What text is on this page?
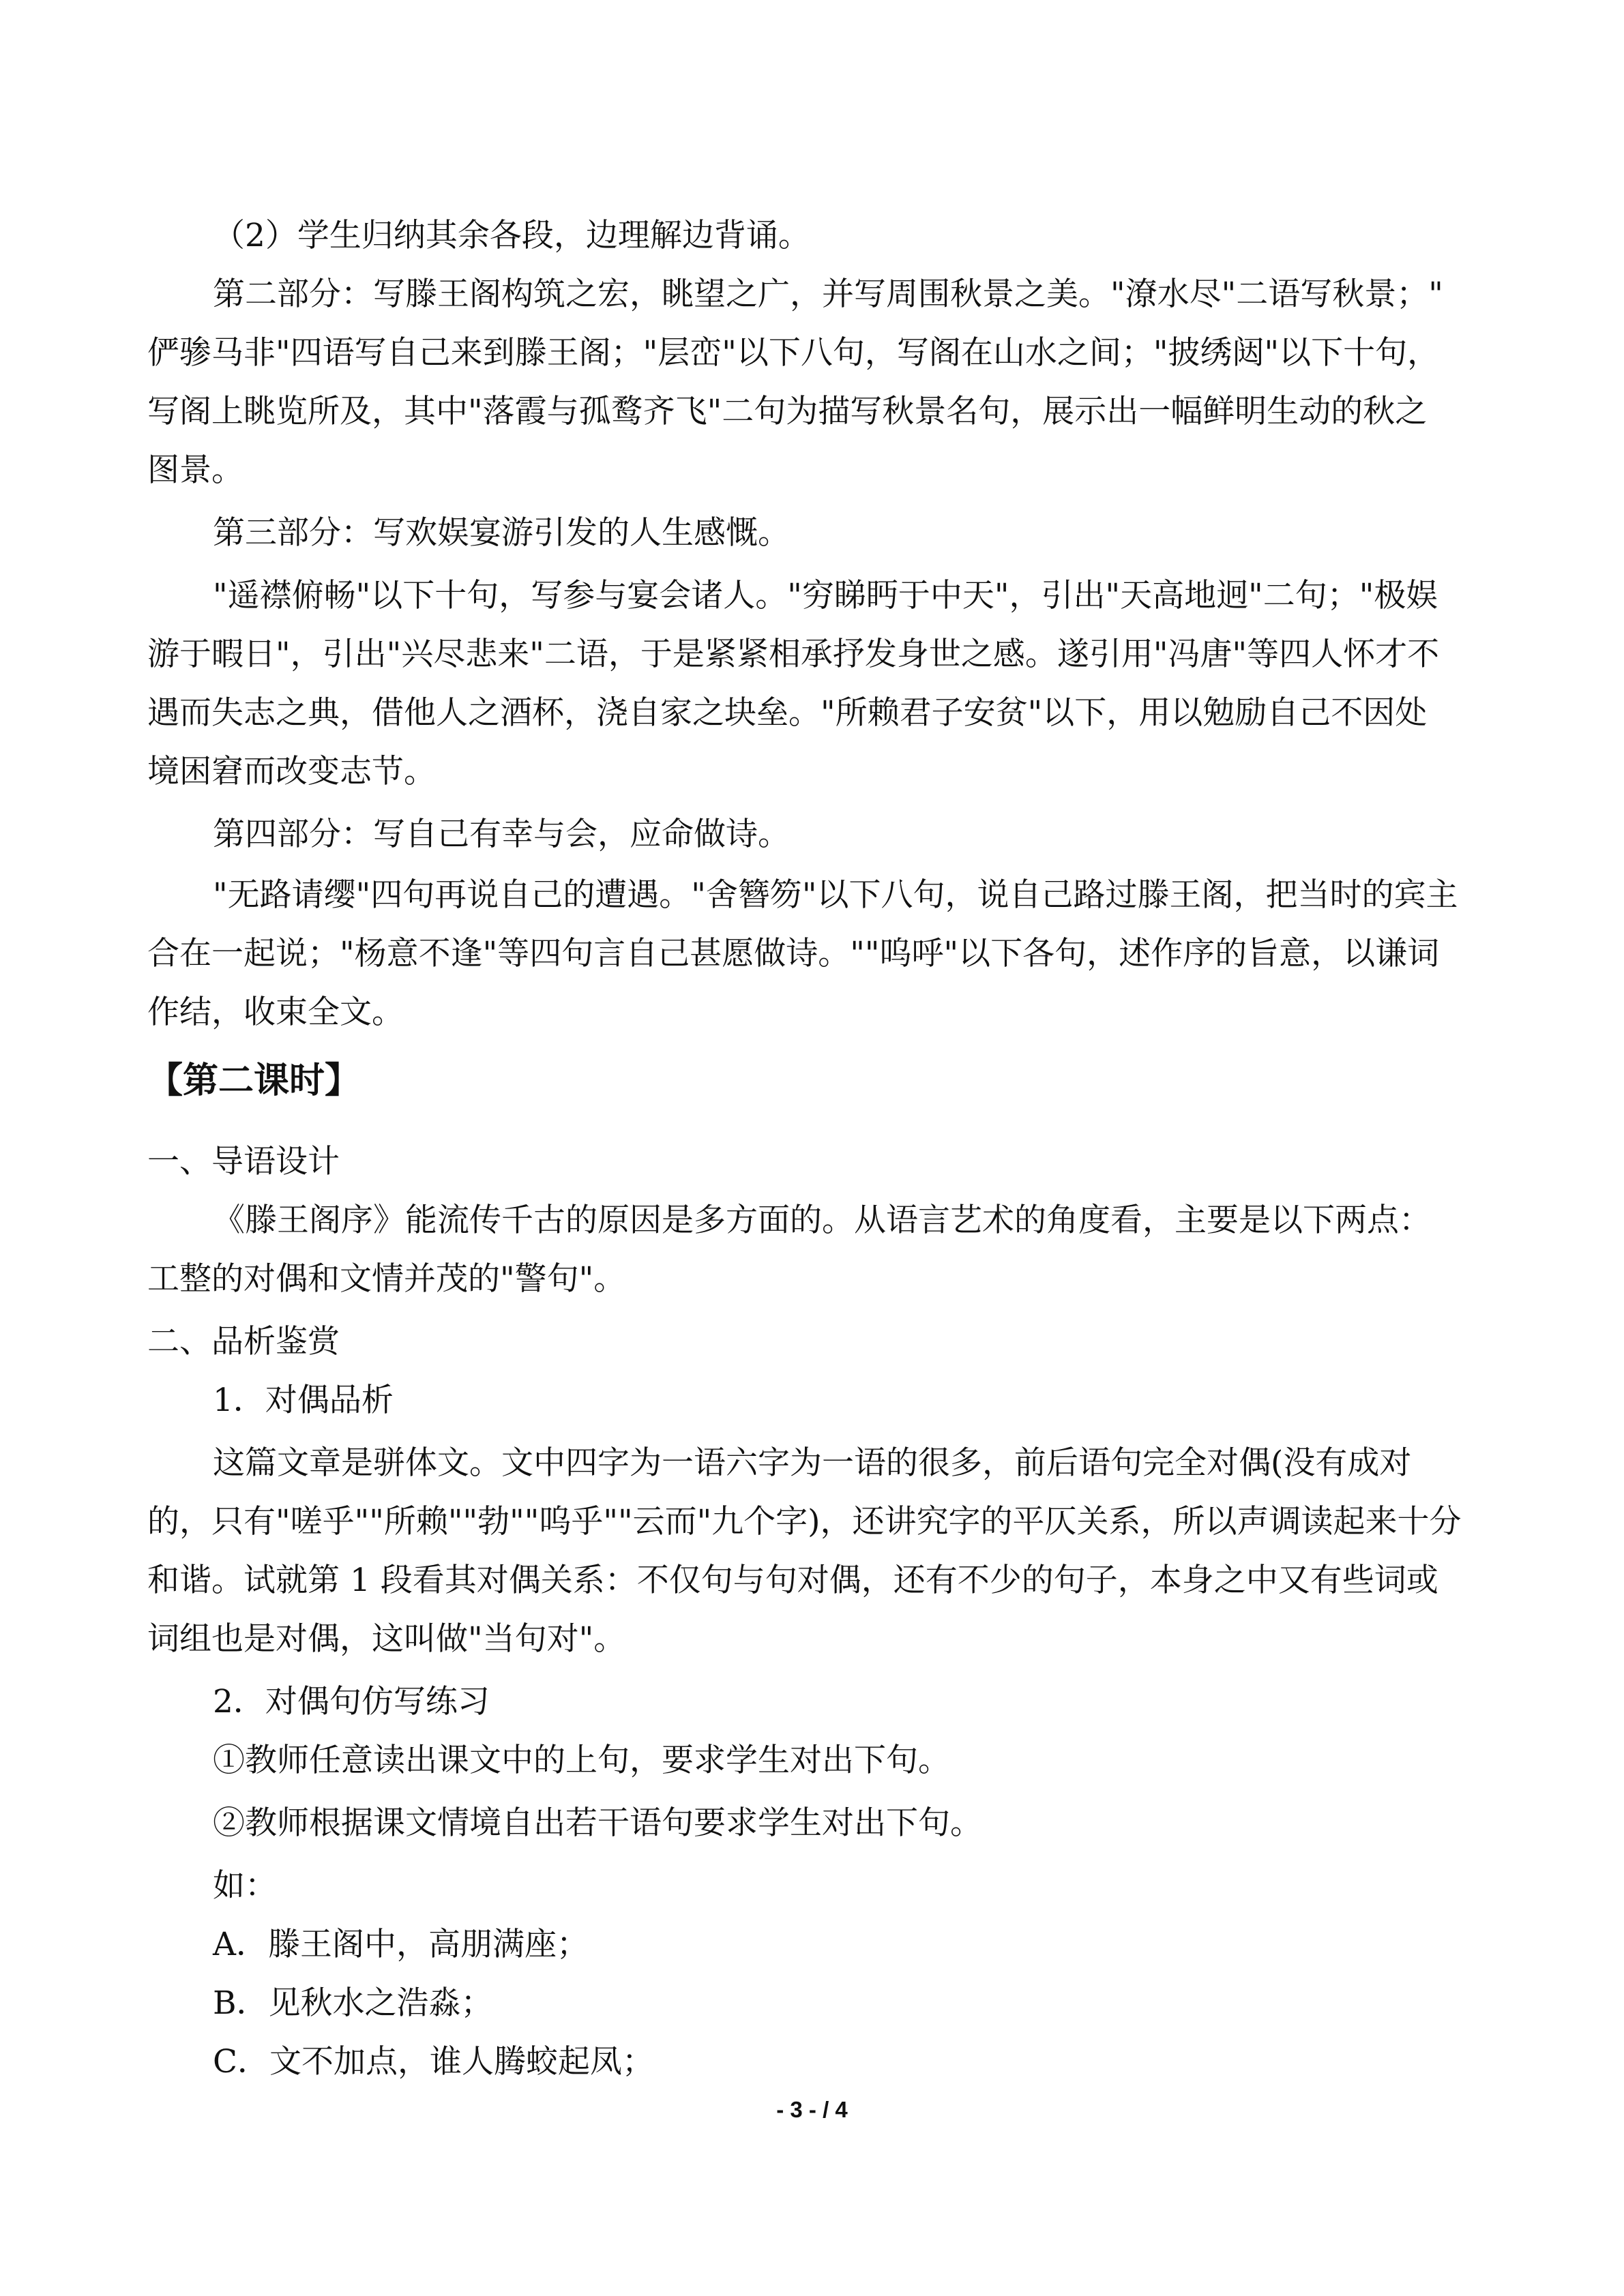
（2）学生归纳其余各段，边理解边背诵。
第二部分：写滕王阁构筑之宏，眺望之广，并写周围秋景之美。"潦水尽"二语写秋景；"
俨骖马非"四语写自己来到滕王阁；"层峦"以下八句，写阁在山水之间；"披绣闼"以下十句，
写阁上眺览所及，其中"落霞与孤鹜齐飞"二句为描写秋景名句，展示出一幅鲜明生动的秋之
图景。
第三部分：写欢娱宴游引发的人生感慨。
"遥襟俯畅"以下十句，写参与宴会诸人。"穷睇眄于中天"，引出"天高地迥"二句；"极娱
游于暇日"，引出"兴尽悲来"二语，于是紧紧相承抒发身世之感。遂引用"冯唐"等四人怀才不
遇而失志之典，借他人之酒杯，浇自家之块垒。"所赖君子安贫"以下，用以勉励自己不因处
境困窘而改变志节。
第四部分：写自己有幸与会，应命做诗。
"无路请缨"四句再说自己的遭遇。"舍簪笏"以下八句，说自己路过滕王阁，把当时的宾主
合在一起说；"杨意不逢"等四句言自己甚愿做诗。""呜呼"以下各句，述作序的旨意，以谦词
作结，收束全文。
【第二课时】
一、导语设计
《滕王阁序》能流传千古的原因是多方面的。从语言艺术的角度看，主要是以下两点：
工整的对偶和文情并茂的"警句"。
二、品析鉴赏
1．对偶品析
这篇文章是骈体文。文中四字为一语六字为一语的很多，前后语句完全对偶(没有成对
的，只有"嗟乎""所赖""勃""呜乎""云而"九个字)，还讲究字的平仄关系，所以声调读起来十分
和谐。试就第 1 段看其对偶关系：不仅句与句对偶，还有不少的句子，本身之中又有些词或
词组也是对偶，这叫做"当句对"。
2．对偶句仿写练习
①教师任意读出课文中的上句，要求学生对出下句。
②教师根据课文情境自出若干语句要求学生对出下句。
如：
A．滕王阁中，高朋满座；
B．见秋水之浩淼；
C．文不加点，谁人腾蛟起凤；
- 3 - / 4
